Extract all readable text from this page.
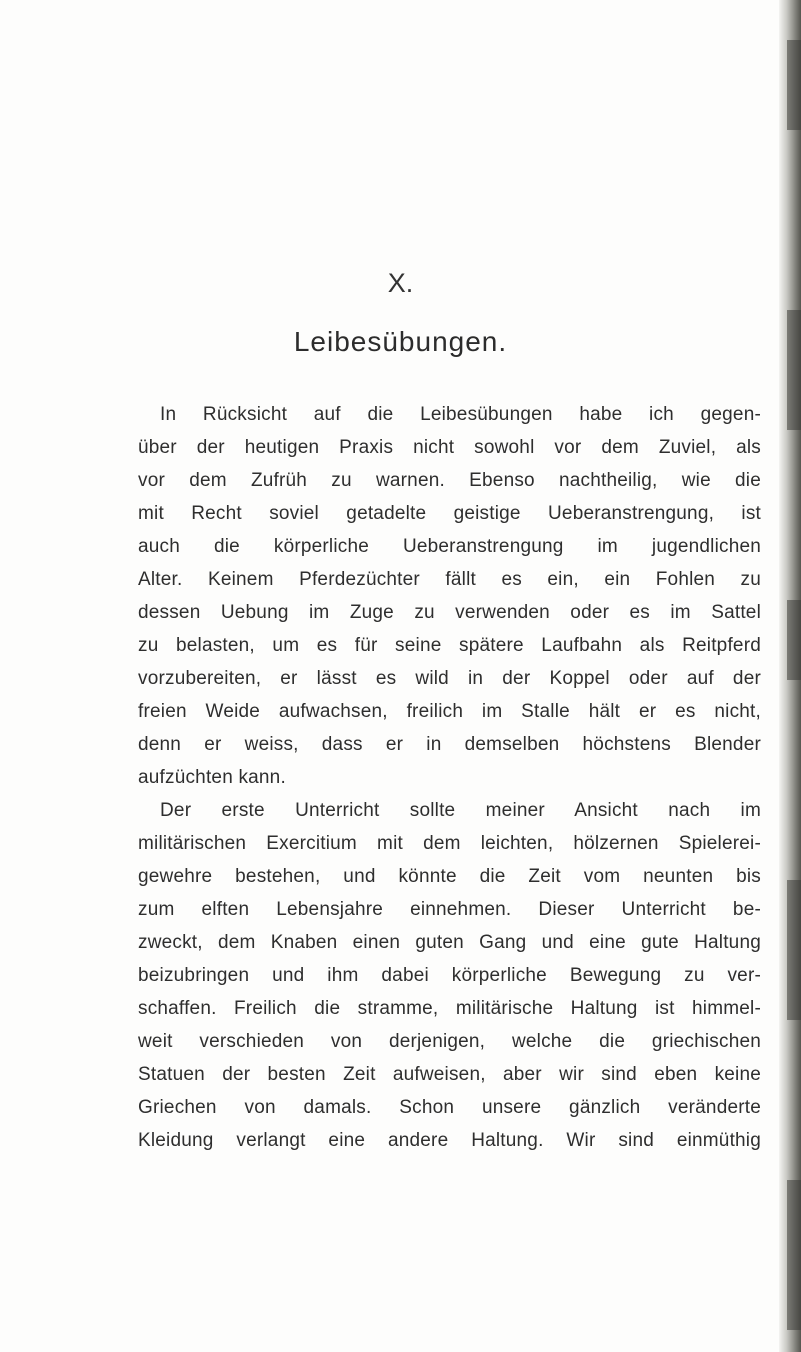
X.
Leibesübungen.
In Rücksicht auf die Leibesübungen habe ich gegen-
über der heutigen Praxis nicht sowohl vor dem Zuviel, als
vor dem Zufrüh zu warnen. Ebenso nachtheilig, wie die
mit Recht soviel getadelte geistige Ueberanstrengung, ist
auch die körperliche Ueberanstrengung im jugendlichen
Alter. Keinem Pferdezüchter fällt es ein, ein Fohlen zu
dessen Uebung im Zuge zu verwenden oder es im Sattel
zu belasten, um es für seine spätere Laufbahn als Reitpferd
vorzubereiten, er lässt es wild in der Koppel oder auf der
freien Weide aufwachsen, freilich im Stalle hält er es nicht,
denn er weiss, dass er in demselben höchstens Blender
aufzüchten kann.
Der erste Unterricht sollte meiner Ansicht nach im
militärischen Exercitium mit dem leichten, hölzernen Spielerei-
gewehre bestehen, und könnte die Zeit vom neunten bis
zum elften Lebensjahre einnehmen. Dieser Unterricht be-
zweckt, dem Knaben einen guten Gang und eine gute Haltung
beizubringen und ihm dabei körperliche Bewegung zu ver-
schaffen. Freilich die stramme, militärische Haltung ist himmel-
weit verschieden von derjenigen, welche die griechischen
Statuen der besten Zeit aufweisen, aber wir sind eben keine
Griechen von damals. Schon unsere gänzlich veränderte
Kleidung verlangt eine andere Haltung. Wir sind einmüthig
